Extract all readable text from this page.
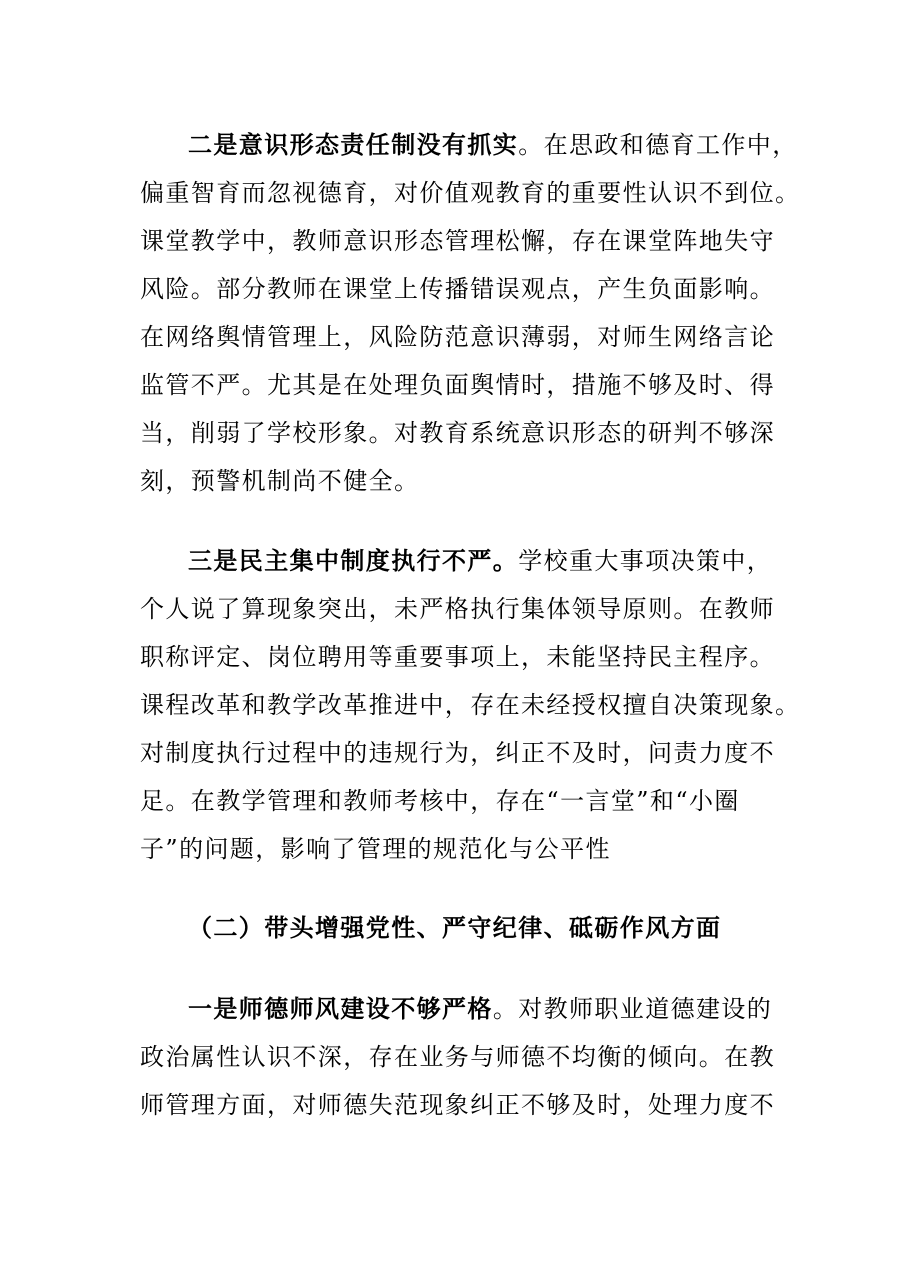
二是意识形态责任制没有抓实。在思政和德育工作中，
偏重智育而忽视德育，对价值观教育的重要性认识不到位。
课堂教学中，教师意识形态管理松懈，存在课堂阵地失守
风险。部分教师在课堂上传播错误观点，产生负面影响。
在网络舆情管理上，风险防范意识薄弱，对师生网络言论
监管不严。尤其是在处理负面舆情时，措施不够及时、得
当，削弱了学校形象。对教育系统意识形态的研判不够深
刻，预警机制尚不健全。
三是民主集中制度执行不严。学校重大事项决策中，
个人说了算现象突出，未严格执行集体领导原则。在教师
职称评定、岗位聘用等重要事项上，未能坚持民主程序。
课程改革和教学改革推进中，存在未经授权擅自决策现象。
对制度执行过程中的违规行为，纠正不及时，问责力度不
足。在教学管理和教师考核中，存在“一言堂”和“小圈
子”的问题，影响了管理的规范化与公平性
（二）带头增强党性、严守纪律、砥砺作风方面
一是师德师风建设不够严格。对教师职业道德建设的
政治属性认识不深，存在业务与师德不均衡的倾向。在教
师管理方面，对师德失范现象纠正不够及时，处理力度不
